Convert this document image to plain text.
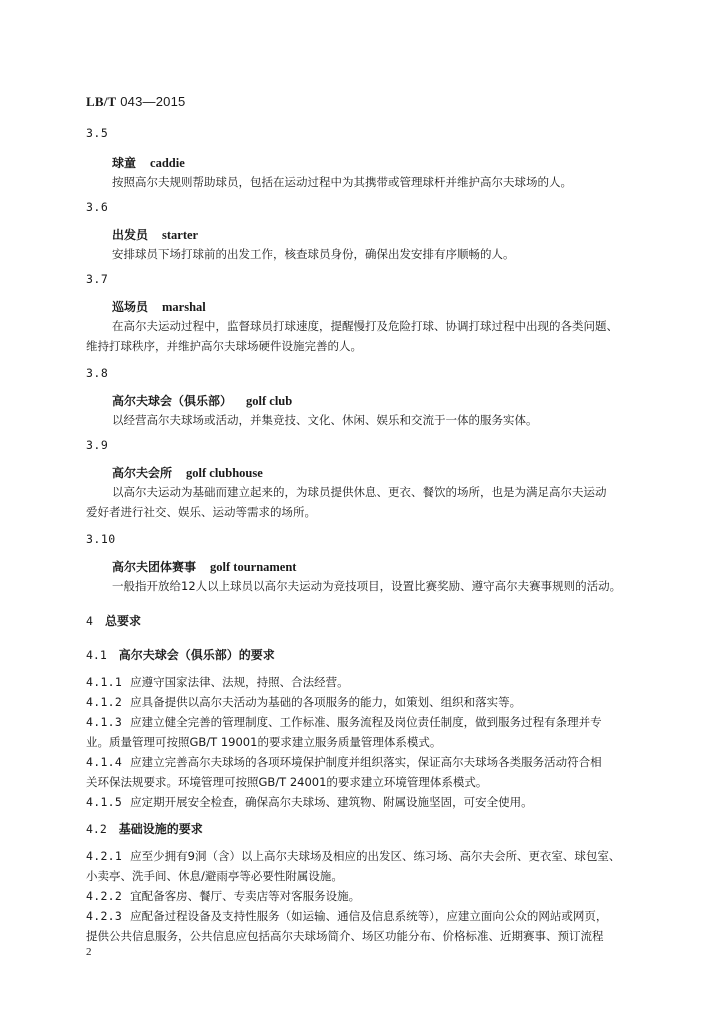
LB/T 043—2015
3.5
球童 caddie
按照高尔夫规则帮助球员，包括在运动过程中为其携带或管理球杆并维护高尔夫球场的人。
3.6
出发员 starter
安排球员下场打球前的出发工作，核查球员身份，确保出发安排有序顺畅的人。
3.7
巡场员 marshal
在高尔夫运动过程中，监督球员打球速度，提醒慢打及危险打球、协调打球过程中出现的各类问题、
维持打球秩序，并维护高尔夫球场硬件设施完善的人。
3.8
高尔夫球会（俱乐部） golf club
以经营高尔夫球场或活动，并集竞技、文化、休闲、娱乐和交流于一体的服务实体。
3.9
高尔夫会所 golf clubhouse
以高尔夫运动为基础而建立起来的，为球员提供休息、更衣、餐饮的场所，也是为满足高尔夫运动
爱好者进行社交、娱乐、运动等需求的场所。
3.10
高尔夫团体赛事 golf tournament
一般指开放给12人以上球员以高尔夫运动为竞技项目，设置比赛奖励、遵守高尔夫赛事规则的活动。
4 总要求
4.1 高尔夫球会（俱乐部）的要求
4.1.1 应遵守国家法律、法规，持照、合法经营。
4.1.2 应具备提供以高尔夫活动为基础的各项服务的能力，如策划、组织和落实等。
4.1.3 应建立健全完善的管理制度、工作标准、服务流程及岗位责任制度，做到服务过程有条理并专
业。质量管理可按照GB/T 19001的要求建立服务质量管理体系模式。
4.1.4 应建立完善高尔夫球场的各项环境保护制度并组织落实，保证高尔夫球场各类服务活动符合相
关环保法规要求。环境管理可按照GB/T 24001的要求建立环境管理体系模式。
4.1.5 应定期开展安全检查，确保高尔夫球场、建筑物、附属设施坚固，可安全使用。
4.2 基础设施的要求
4.2.1 应至少拥有9洞（含）以上高尔夫球场及相应的出发区、练习场、高尔夫会所、更衣室、球包室、
小卖亭、洗手间、休息/避雨亭等必要性附属设施。
4.2.2 宜配备客房、餐厅、专卖店等对客服务设施。
4.2.3 应配备过程设备及支持性服务（如运输、通信及信息系统等），应建立面向公众的网站或网页，
提供公共信息服务，公共信息应包括高尔夫球场简介、场区功能分布、价格标准、近期赛事、预订流程
2
